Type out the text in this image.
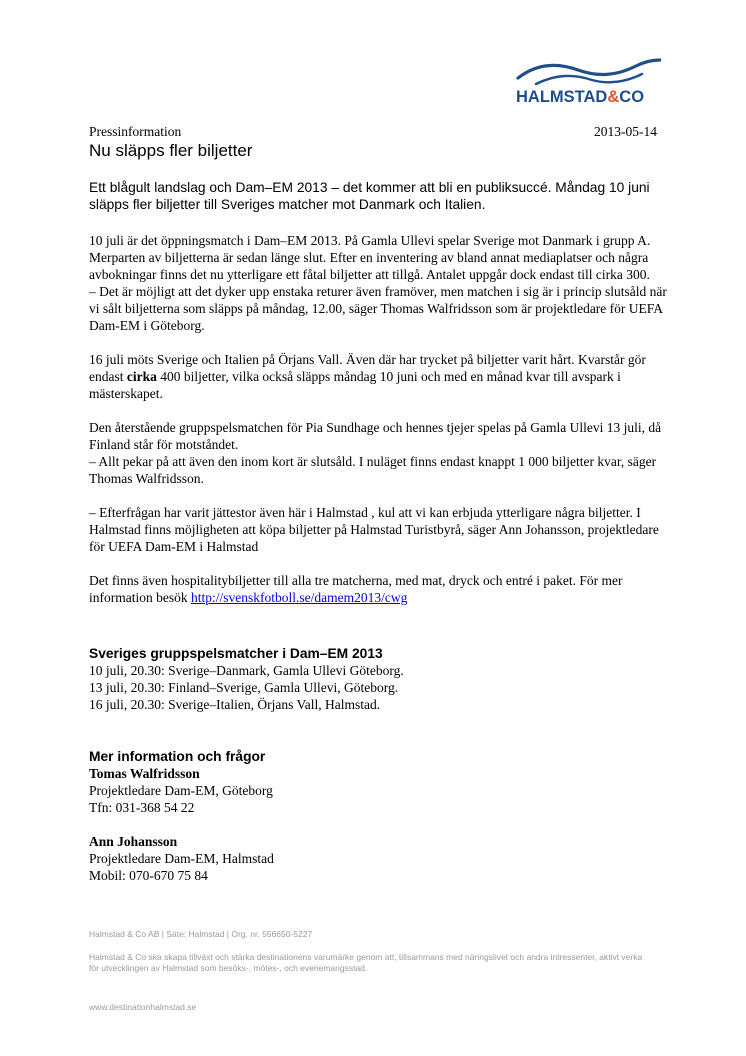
HALMSTAD&CO
Pressinformation	2013-05-14
Nu släpps fler biljetter
Ett blågult landslag och Dam–EM 2013 – det kommer att bli en publiksuccé. Måndag 10 juni släpps fler biljetter till Sveriges matcher mot Danmark och Italien.

10 juli är det öppningsmatch i Dam–EM 2013. På Gamla Ullevi spelar Sverige mot Danmark i grupp A. Merparten av biljetterna är sedan länge slut. Efter en inventering av bland annat mediaplatser och några avbokningar finns det nu ytterligare ett fåtal biljetter att tillgå. Antalet uppgår dock endast till cirka 300.
– Det är möjligt att det dyker upp enstaka returer även framöver, men matchen i sig är i princip slutsåld när vi sålt biljetterna som släpps på måndag, 12.00, säger Thomas Walfridsson som är projektledare för UEFA Dam-EM i Göteborg.

16 juli möts Sverige och Italien på Örjans Vall. Även där har trycket på biljetter varit hårt. Kvarstår gör endast cirka 400 biljetter, vilka också släpps måndag 10 juni och med en månad kvar till avspark i mästerskapet.

Den återstående gruppspelsmatchen för Pia Sundhage och hennes tjejer spelas på Gamla Ullevi 13 juli, då Finland står för motståndet.
– Allt pekar på att även den inom kort är slutsåld. I nuläget finns endast knappt 1 000 biljetter kvar, säger Thomas Walfridsson.

– Efterfrågan har varit jättestor även här i Halmstad , kul att vi kan erbjuda ytterligare några biljetter. I Halmstad finns möjligheten att köpa biljetter på Halmstad Turistbyrå, säger Ann Johansson, projektledare för UEFA Dam-EM i Halmstad

Det finns även hospitalitybiljetter till alla tre matcherna, med mat, dryck och entré i paket. För mer information besök http://svenskfotboll.se/damem2013/cwg

Sveriges gruppspelsmatcher i Dam–EM 2013
10 juli, 20.30: Sverige–Danmark, Gamla Ullevi Göteborg.
13 juli, 20.30: Finland–Sverige, Gamla Ullevi, Göteborg.
16 juli, 20.30: Sverige–Italien, Örjans Vall, Halmstad.
Mer information och frågor
Tomas Walfridsson
Projektledare Dam-EM, Göteborg
Tfn: 031-368 54 22
Ann Johansson
Projektledare Dam-EM, Halmstad
Mobil: 070-670 75 84
Halmstad & Co AB | Säte: Halmstad | Org. nr. 556650-5227
Halmstad & Co ska skapa tillväxt och stärka destinationens varumärke genom att, tillsammans med näringslivet och andra intressenter, aktivt verka för utvecklingen av Halmstad som besöks-, mötes-, och evenemangsstad.
www.destinationhalmstad.se
